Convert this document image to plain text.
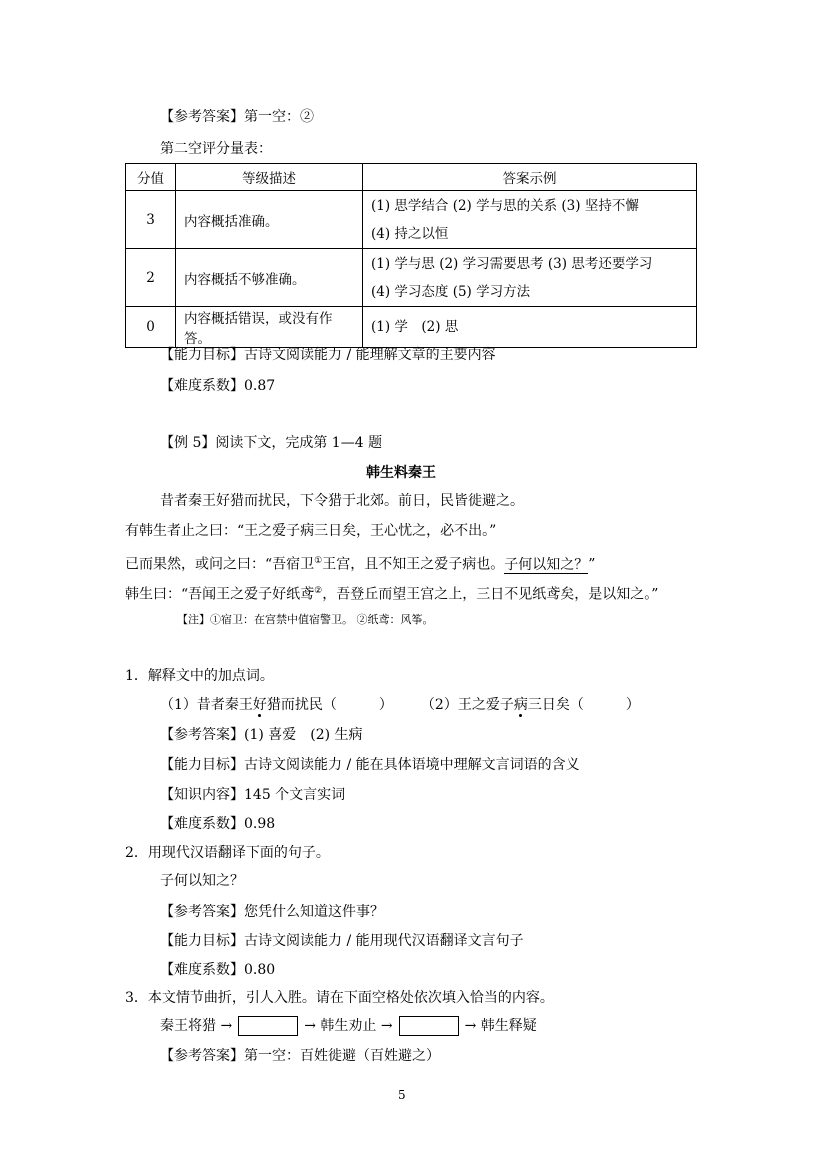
【参考答案】第一空：②
第二空评分量表：
分值	等级描述	答案示例
3	内容概括准确。	(1) 思学结合 (2) 学与思的关系 (3) 坚持不懈
(4) 持之以恒

2	内容概括不够准确。	(1) 学与思 (2) 学习需要思考 (3) 思考还要学习
(4) 学习态度 (5) 学习方法

0	内容概括错误，或没有作答。	(1) 学　(2) 思
【能力目标】古诗文阅读能力 / 能理解文章的主要内容
【难度系数】0.87
【例 5】阅读下文，完成第 1—4 题
韩生料秦王
昔者秦王好猎而扰民，下令猎于北郊。前日，民皆徙避之。
有韩生者止之曰：“王之爱子病三日矣，王心忧之，必不出。”
已而果然，或问之曰：“吾宿卫①王宫，且不知王之爱子病也。子何以知之？”
韩生曰：“吾闻王之爱子好纸鸢②，吾登丘而望王宫之上，三日不见纸鸢矣，是以知之。”
【注】①宿卫：在宫禁中值宿警卫。 ②纸鸢：风筝。
1．解释文中的加点词。
（1）昔者秦王好猎而扰民（　　　） （2）王之爱子病三日矣（　　　）
【参考答案】(1) 喜爱　(2) 生病
【能力目标】古诗文阅读能力 / 能在具体语境中理解文言词语的含义
【知识内容】145 个文言实词
【难度系数】0.98
2．用现代汉语翻译下面的句子。
子何以知之？
【参考答案】您凭什么知道这件事？
【能力目标】古诗文阅读能力 / 能用现代汉语翻译文言句子
【难度系数】0.80
3．本文情节曲折，引人入胜。请在下面空格处依次填入恰当的内容。
秦王将猎 →	→ 韩生劝止 →	→ 韩生释疑
【参考答案】第一空：百姓徙避（百姓避之）
5
